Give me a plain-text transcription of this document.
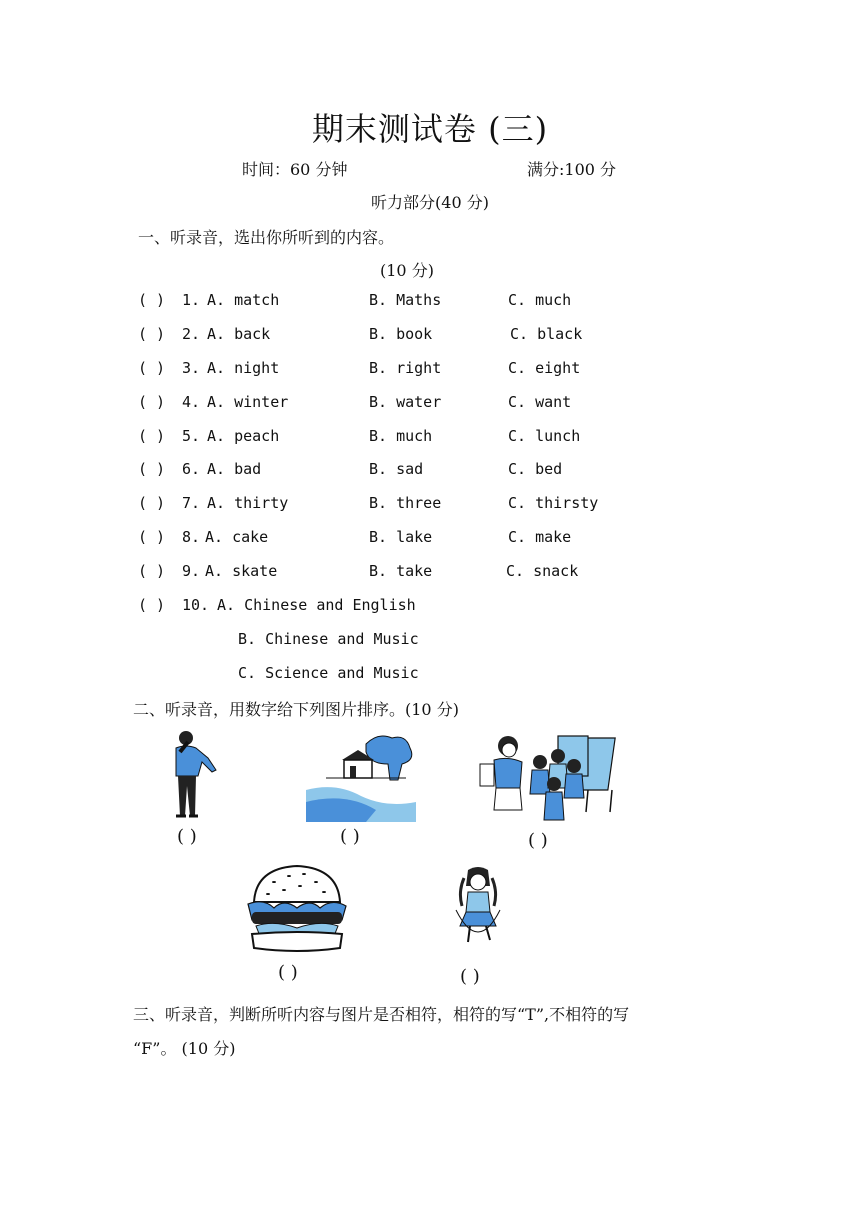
期末测试卷 (三)
时间：60 分钟	满分:100 分
听力部分(40 分)
一、听录音，选出你所听到的内容。
(10 分)
( ) 1. A. match	B. Maths	C. much
( ) 2. A. back	B. book	C. black
( ) 3. A. night	B. right	C. eight
( ) 4. A. winter	B. water	C. want
( ) 5. A. peach	B. much	C. lunch
( ) 6. A. bad	B. sad	C. bed
( ) 7. A. thirty	B. three	C. thirsty
( ) 8. A. cake	B. lake	C. make
( ) 9. A. skate	B. take	C. snack
( ) 10. A. Chinese and English
B. Chinese and Music
C. Science and Music
二、听录音，用数字给下列图片排序。(10 分)
( )	( )	( )
( )	( )
三、听录音，判断所听内容与图片是否相符，相符的写“T”,不相符的写
“F”。 (10 分)
